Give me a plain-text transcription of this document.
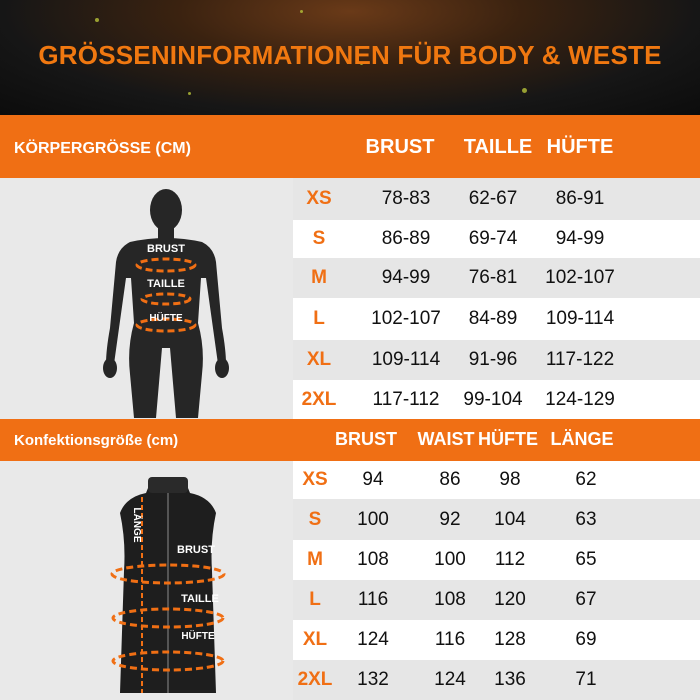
GRÖSSENINFORMATIONEN FÜR BODY & WESTE
KÖRPERGRÖSSE (CM)	BRUST TAILLE HÜFTE
BRUST
TAILLE
HÜFTE
XS	78-83 62-67 86-91
S	86-89 69-74 94-99
M	94-99 76-81 102-107
L 102-107 84-89 109-114
XL 109-114 91-96 117-122
2XL 117-112 99-104 124-129
Konfektionsgröße (cm)	BRUST WAIST HÜFTE LÄNGE
LÄNGE
BRUST
TAILLE
HÜFTE
XS 94	86 98	62
S 100	92 104	63
M 108 100 112	65
L 116 108 120	67
XL 124 116 128	69
2XL 132 124 136	71
